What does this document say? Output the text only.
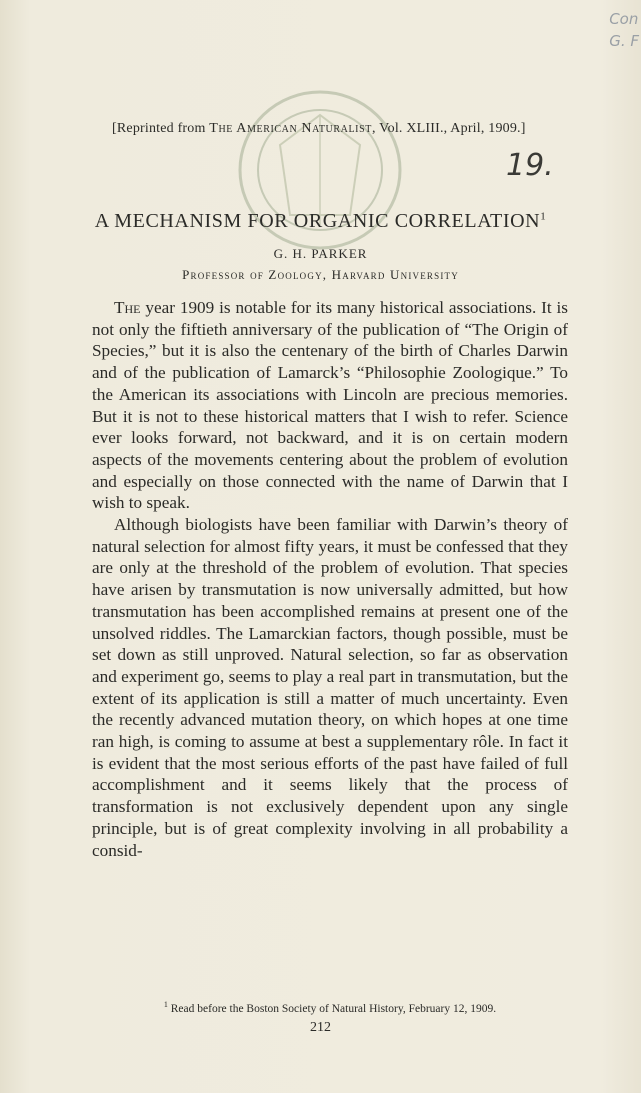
Con
G. F
[Reprinted from The American Naturalist, Vol. XLIII., April, 1909.]
19.
A MECHANISM FOR ORGANIC CORRELATION$^1$
G. H. PARKER
Professor of Zoology, Harvard University

The year 1909 is notable for its many historical associations. It is not only the fiftieth anniversary of the publication of “The Origin of Species,” but it is also the centenary of the birth of Charles Darwin and of the publication of Lamarck’s “Philosophie Zoologique.” To the American its associations with Lincoln are precious memories. But it is not to these historical matters that I wish to refer. Science ever looks forward, not backward, and it is on certain modern aspects of the movements centering about the problem of evolution and especially on those connected with the name of Darwin that I wish to speak.

Although biologists have been familiar with Darwin’s theory of natural selection for almost fifty years, it must be confessed that they are only at the threshold of the problem of evolution. That species have arisen by transmutation is now universally admitted, but how transmutation has been accomplished remains at present one of the unsolved riddles. The Lamarckian factors, though possible, must be set down as still unproved. Natural selection, so far as observation and experiment go, seems to play a real part in transmutation, but the extent of its application is still a matter of much uncertainty. Even the recently advanced mutation theory, on which hopes at one time ran high, is coming to assume at best a supplementary rôle. In fact it is evident that the most serious efforts of the past have failed of full accomplishment and it seems likely that the process of transformation is not exclusively dependent upon any single principle, but is of great complexity involving in all probability a consid-

$^1$ Read before the Boston Society of Natural History, February 12, 1909.
212
